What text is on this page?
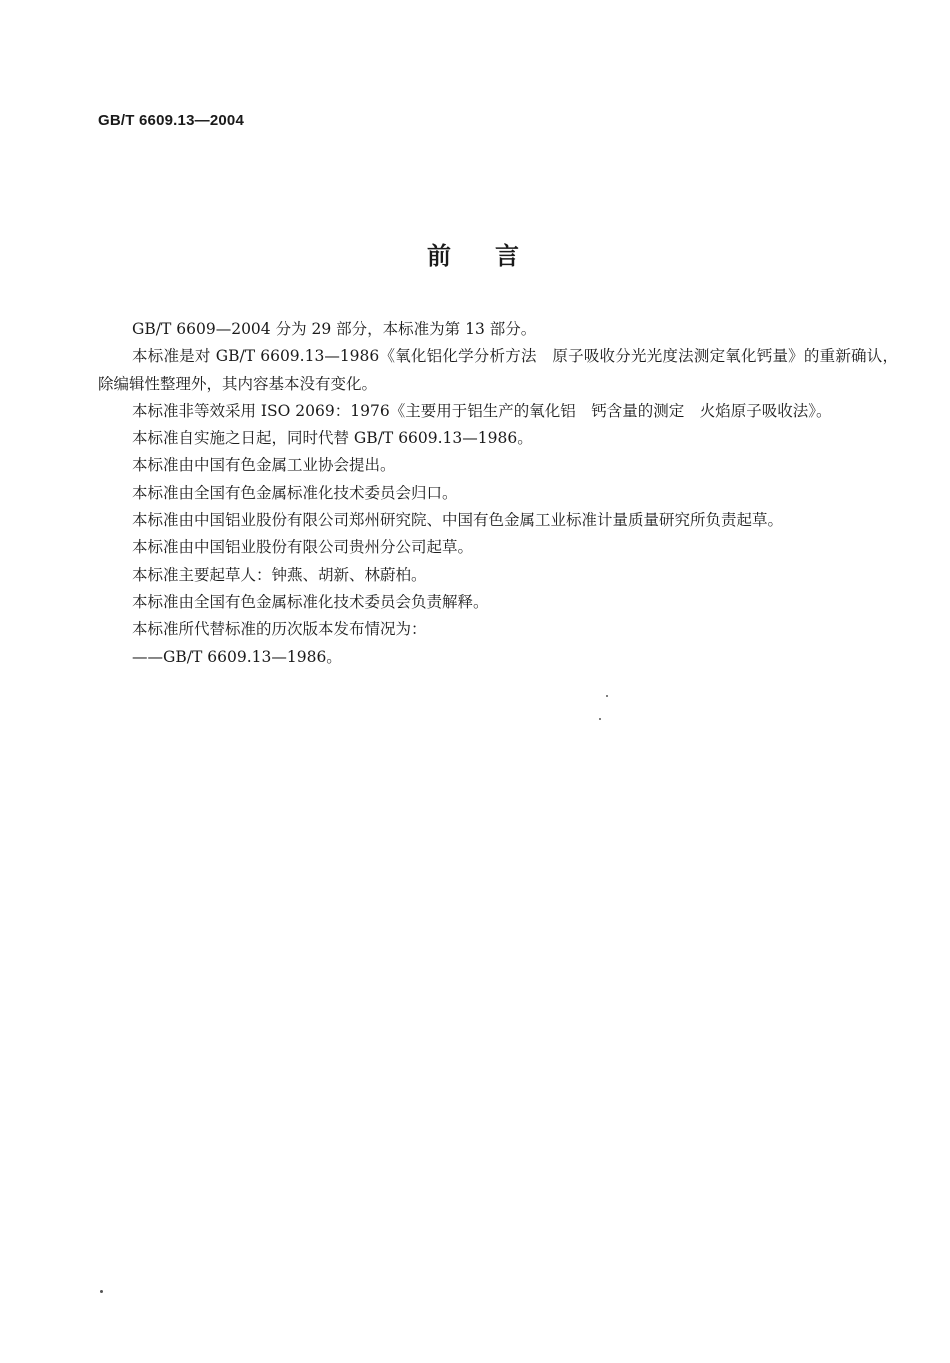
GB/T 6609.13—2004
前言

GB/T 6609—2004 分为 29 部分，本标准为第 13 部分。

本标准是对 GB/T 6609.13—1986《氧化铝化学分析方法　原子吸收分光光度法测定氧化钙量》的重新确认，除编辑性整理外，其内容基本没有变化。

本标准非等效采用 ISO 2069：1976《主要用于铝生产的氧化铝　钙含量的测定　火焰原子吸收法》。

本标准自实施之日起，同时代替 GB/T 6609.13—1986。

本标准由中国有色金属工业协会提出。

本标准由全国有色金属标准化技术委员会归口。

本标准由中国铝业股份有限公司郑州研究院、中国有色金属工业标准计量质量研究所负责起草。

本标准由中国铝业股份有限公司贵州分公司起草。

本标准主要起草人：钟燕、胡新、林蔚柏。

本标准由全国有色金属标准化技术委员会负责解释。

本标准所代替标准的历次版本发布情况为：

——GB/T 6609.13—1986。
